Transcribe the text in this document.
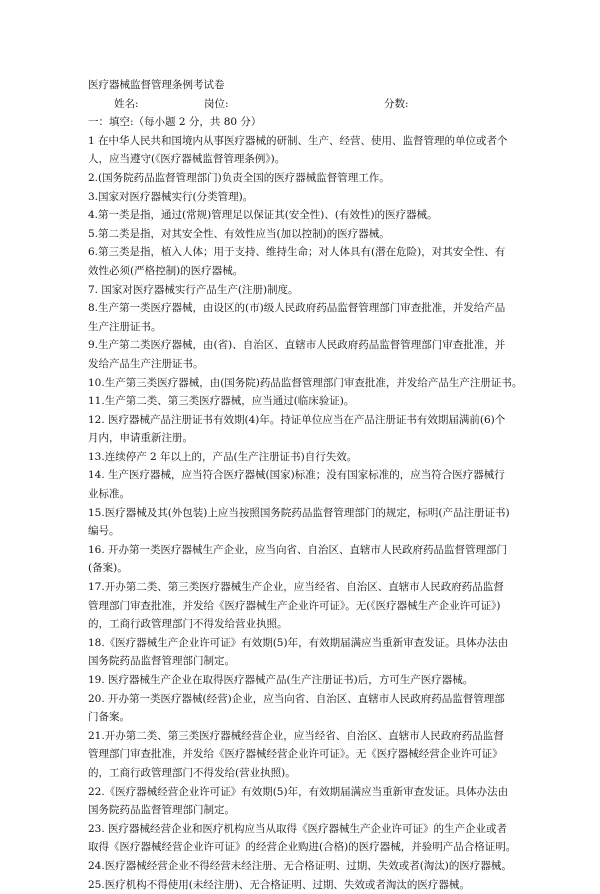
医疗器械监督管理条例考试卷
姓名:	岗位:	分数:
一：填空:（每小题 2 分，共 80 分）
1 在中华人民共和国境内从事医疗器械的研制、生产、经营、使用、监督管理的单位或者个
人，应当遵守(《医疗器械监督管理条例》)。
2.(国务院药品监督管理部门)负责全国的医疗器械监督管理工作。
3.国家对医疗器械实行(分类管理)。
4.第一类是指，通过(常规)管理足以保证其(安全性)、(有效性)的医疗器械。
5.第二类是指，对其安全性、有效性应当(加以控制)的医疗器械。
6.第三类是指，植入人体；用于支持、维持生命；对人体具有(潜在危险)，对其安全性、有
效性必须(严格控制)的医疗器械。
7. 国家对医疗器械实行产品生产(注册)制度。
8.生产第一类医疗器械，由设区的(市)级人民政府药品监督管理部门审查批准，并发给产品
生产注册证书。
9.生产第二类医疗器械，由(省)、自治区、直辖市人民政府药品监督管理部门审查批准，并
发给产品生产注册证书。
10.生产第三类医疗器械，由(国务院)药品监督管理部门审查批准，并发给产品生产注册证书。
11.生产第二类、第三类医疗器械，应当通过(临床验证)。
12. 医疗器械产品注册证书有效期(4)年。持证单位应当在产品注册证书有效期届满前(6)个
月内，申请重新注册。
13.连续停产 2 年以上的，产品(生产注册证书)自行失效。
14. 生产医疗器械，应当符合医疗器械(国家)标准；没有国家标准的，应当符合医疗器械行
业标准。
15.医疗器械及其(外包装)上应当按照国务院药品监督管理部门的规定，标明(产品注册证书)
编号。
16. 开办第一类医疗器械生产企业，应当向省、自治区、直辖市人民政府药品监督管理部门
(备案)。
17.开办第二类、第三类医疗器械生产企业，应当经省、自治区、直辖市人民政府药品监督
管理部门审查批准，并发给《医疗器械生产企业许可证》。无(《医疗器械生产企业许可证》)
的，工商行政管理部门不得发给营业执照。
18.《医疗器械生产企业许可证》有效期(5)年，有效期届满应当重新审查发证。具体办法由
国务院药品监督管理部门制定。
19. 医疗器械生产企业在取得医疗器械产品(生产注册证书)后，方可生产医疗器械。
20. 开办第一类医疗器械(经营)企业，应当向省、自治区、直辖市人民政府药品监督管理部
门备案。
21.开办第二类、第三类医疗器械经营企业，应当经省、自治区、直辖市人民政府药品监督
管理部门审查批准，并发给《医疗器械经营企业许可证》。无《医疗器械经营企业许可证》
的，工商行政管理部门不得发给(营业执照)。
22.《医疗器械经营企业许可证》有效期(5)年，有效期届满应当重新审查发证。具体办法由
国务院药品监督管理部门制定。
23. 医疗器械经营企业和医疗机构应当从取得《医疗器械生产企业许可证》的生产企业或者
取得《医疗器械经营企业许可证》的经营企业购进(合格)的医疗器械，并验明产品合格证明。
24.医疗器械经营企业不得经营未经注册、无合格证明、过期、失效或者(淘汰)的医疗器械。
25.医疗机构不得使用(未经注册)、无合格证明、过期、失效或者淘汰的医疗器械。
